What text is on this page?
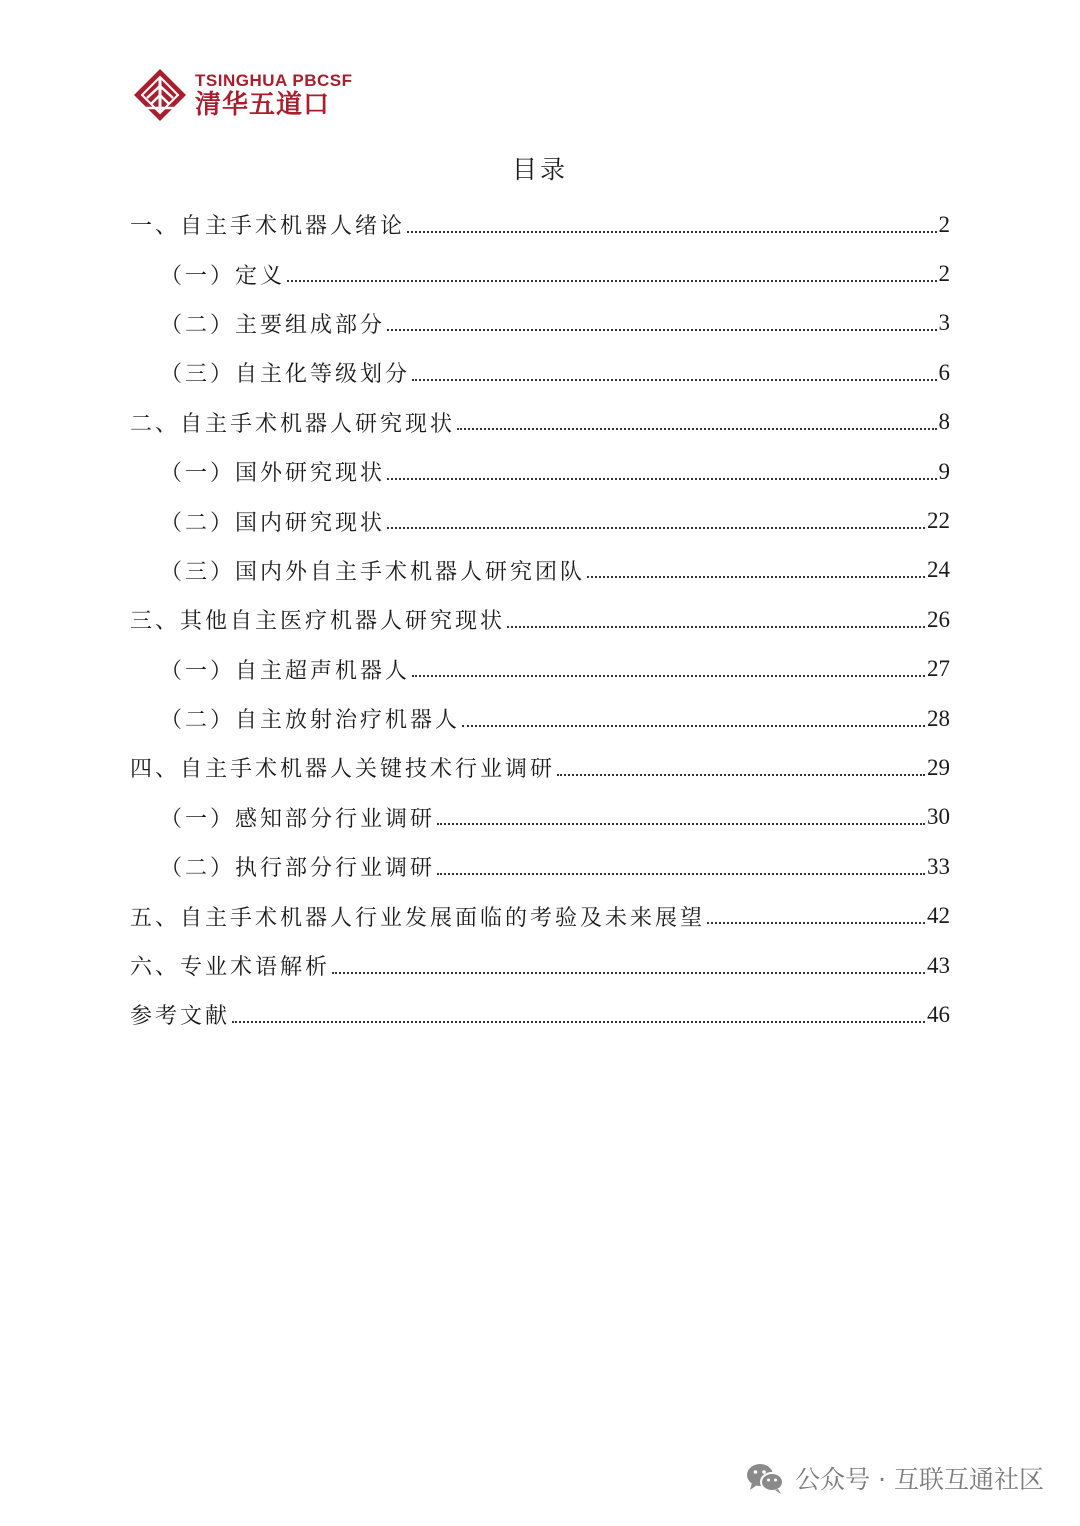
TSINGHUA PBCSF
清华五道口
目录
一、自主手术机器人绪论	2
（一）定义	2
（二）主要组成部分	3
（三）自主化等级划分	6
二、自主手术机器人研究现状	8
（一）国外研究现状	9
（二）国内研究现状	22
（三）国内外自主手术机器人研究团队	24
三、其他自主医疗机器人研究现状	26
（一）自主超声机器人	27
（二）自主放射治疗机器人	28
四、自主手术机器人关键技术行业调研	29
（一）感知部分行业调研	30
（二）执行部分行业调研	33
五、自主手术机器人行业发展面临的考验及未来展望	42
六、专业术语解析	43
参考文献	46
公众号 · 互联互通社区
